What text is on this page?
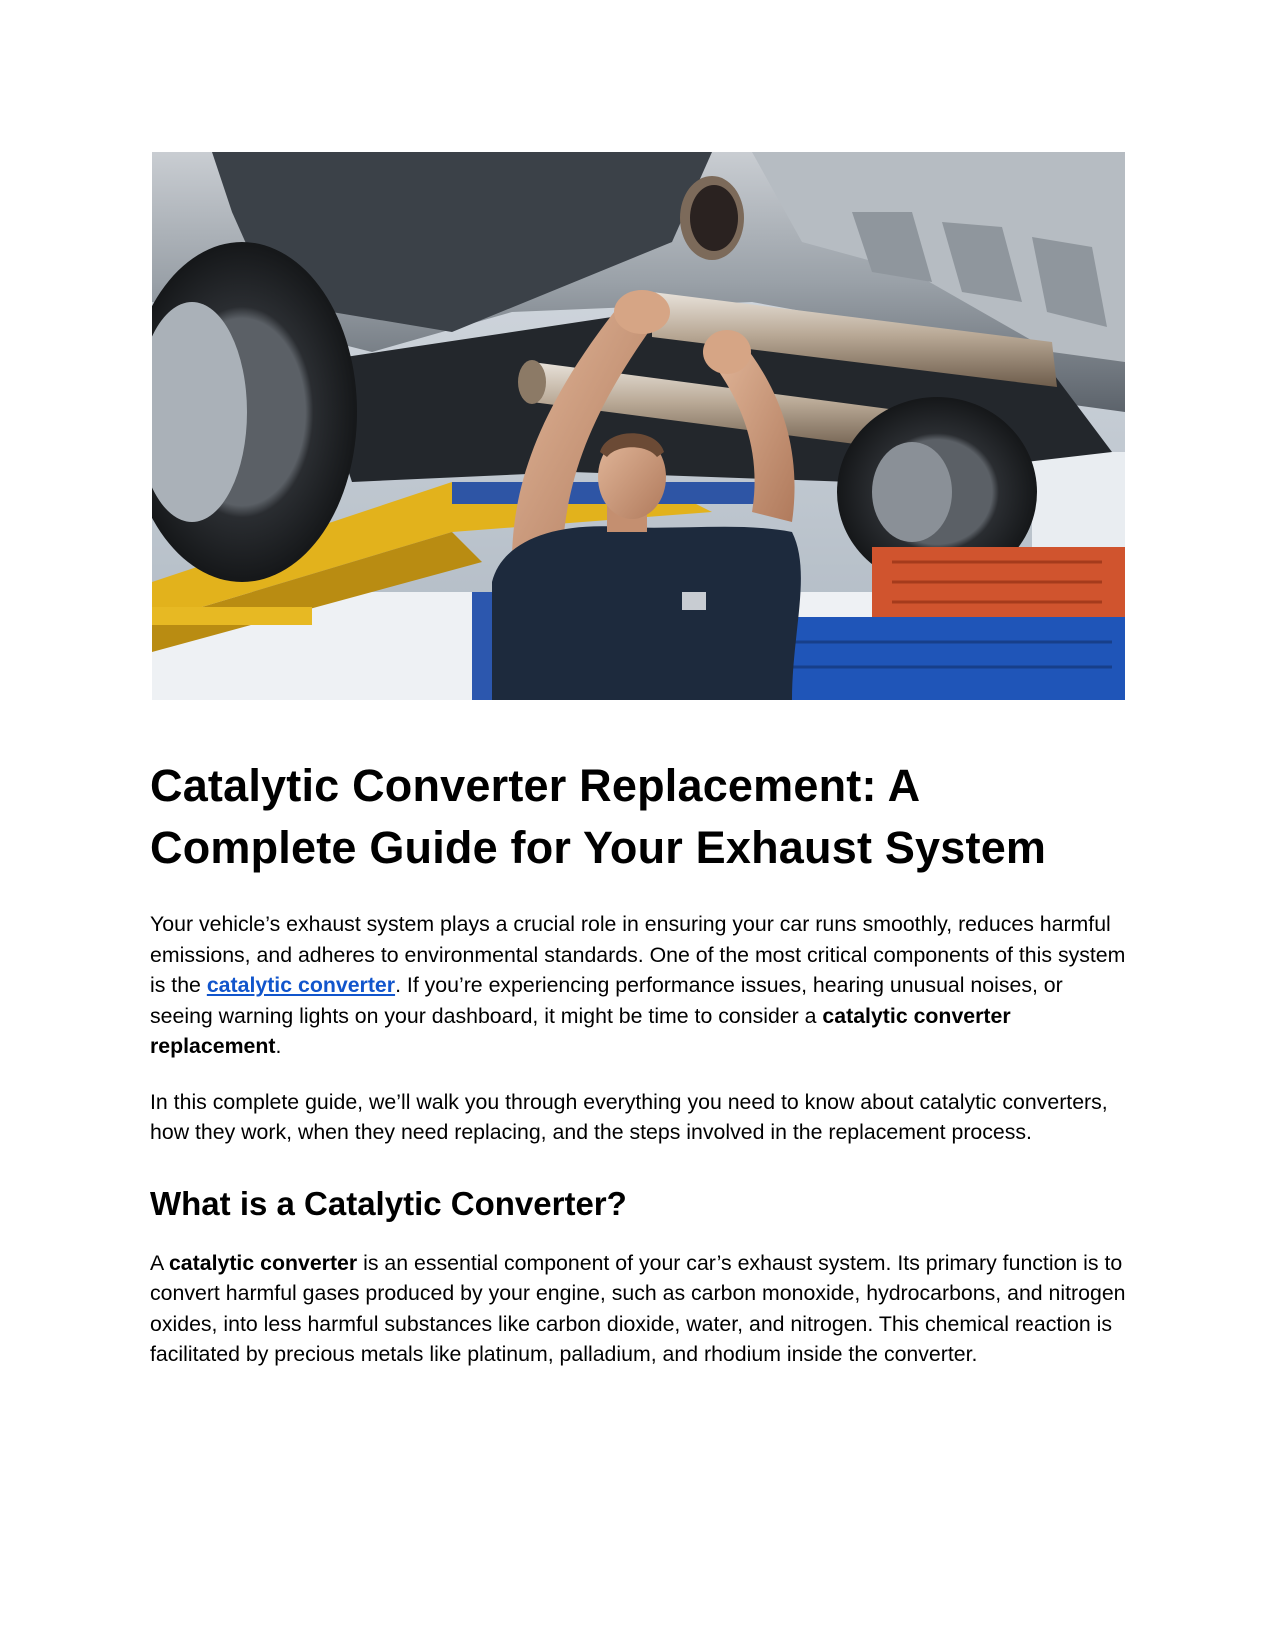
Catalytic Converter Replacement: A Complete Guide for Your Exhaust System

Your vehicle’s exhaust system plays a crucial role in ensuring your car runs smoothly, reduces harmful emissions, and adheres to environmental standards. One of the most critical components of this system is the catalytic converter. If you’re experiencing performance issues, hearing unusual noises, or seeing warning lights on your dashboard, it might be time to consider a catalytic converter replacement.

In this complete guide, we’ll walk you through everything you need to know about catalytic converters, how they work, when they need replacing, and the steps involved in the replacement process.

What is a Catalytic Converter?

A catalytic converter is an essential component of your car’s exhaust system. Its primary function is to convert harmful gases produced by your engine, such as carbon monoxide, hydrocarbons, and nitrogen oxides, into less harmful substances like carbon dioxide, water, and nitrogen. This chemical reaction is facilitated by precious metals like platinum, palladium, and rhodium inside the converter.
